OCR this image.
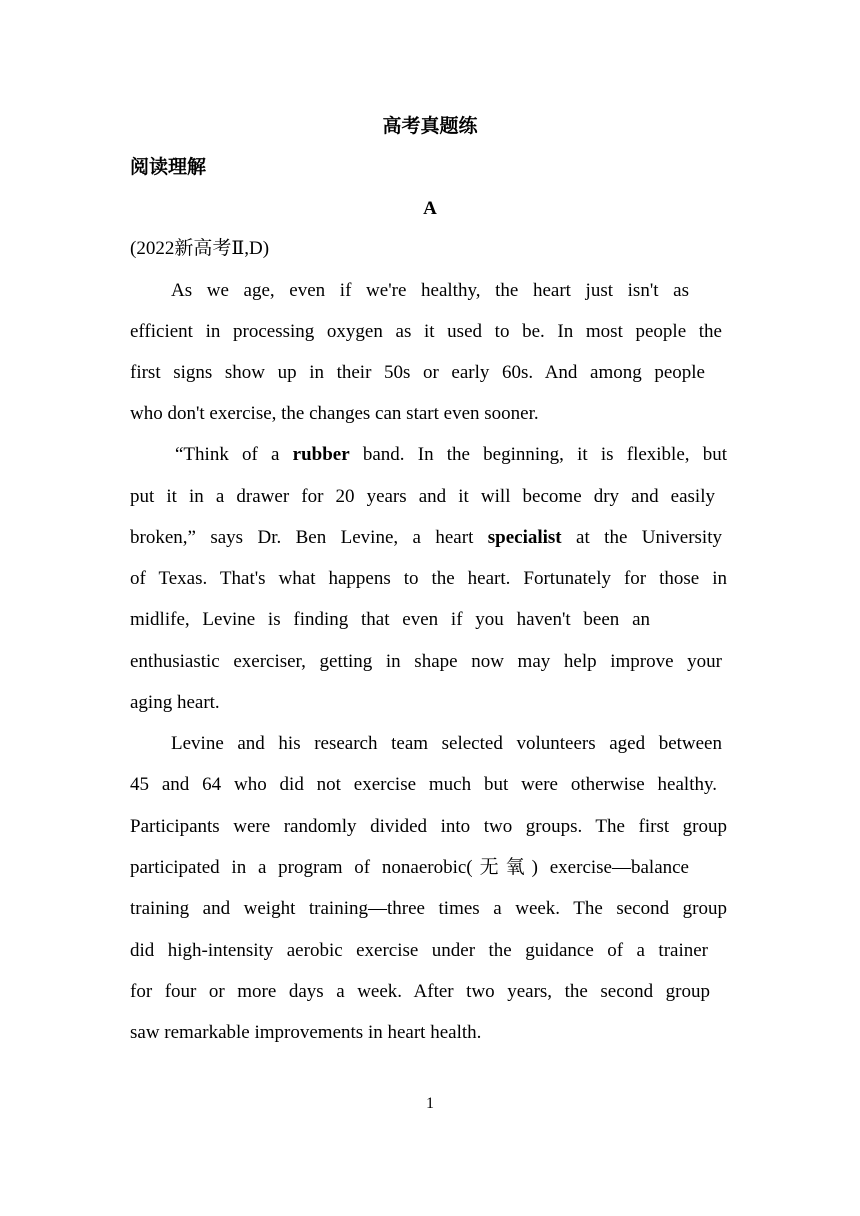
高考真题练
阅读理解
A
(2022新高考Ⅱ,D)
As we age, even if we're healthy, the heart just isn't as
efficient in processing oxygen as it used to be. In most people the
first signs show up in their 50s or early 60s. And among people
who don't exercise, the changes can start even sooner.
“Think of a rubber band. In the beginning, it is flexible, but
put it in a drawer for 20 years and it will become dry and easily
broken,” says Dr. Ben Levine, a heart specialist at the University
of Texas. That's what happens to the heart. Fortunately for those in
midlife, Levine is finding that even if you haven't been an
enthusiastic exerciser, getting in shape now may help improve your
aging heart.
Levine and his research team selected volunteers aged between
45 and 64 who did not exercise much but were otherwise healthy.
Participants were randomly divided into two groups. The first group
participated in a program of nonaerobic(无氧) exercise—balance
training and weight training—three times a week. The second group
did high-intensity aerobic exercise under the guidance of a trainer
for four or more days a week. After two years, the second group
saw remarkable improvements in heart health.
1
